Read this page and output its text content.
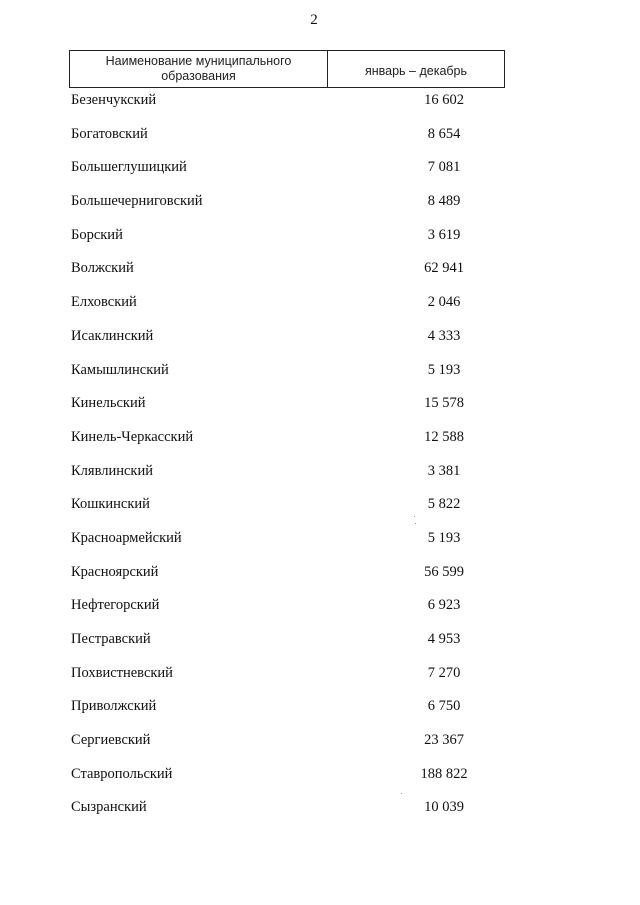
2
Наименование муниципального образования	январь – декабрь
Безенчукский	16 602
Богатовский	8 654
Большеглушицкий	7 081
Большечерниговский	8 489
Борский	3 619
Волжский	62 941
Елховский	2 046
Исаклинский	4 333
Камышлинский	5 193
Кинельский	15 578
Кинель-Черкасский	12 588
Клявлинский	3 381
Кошкинский	5 822
Красноармейский	5 193
Красноярский	56 599
Нефтегорский	6 923
Пестравский	4 953
Похвистневский	7 270
Приволжский	6 750
Сергиевский	23 367
Ставропольский	188 822
Сызранский	10 039
